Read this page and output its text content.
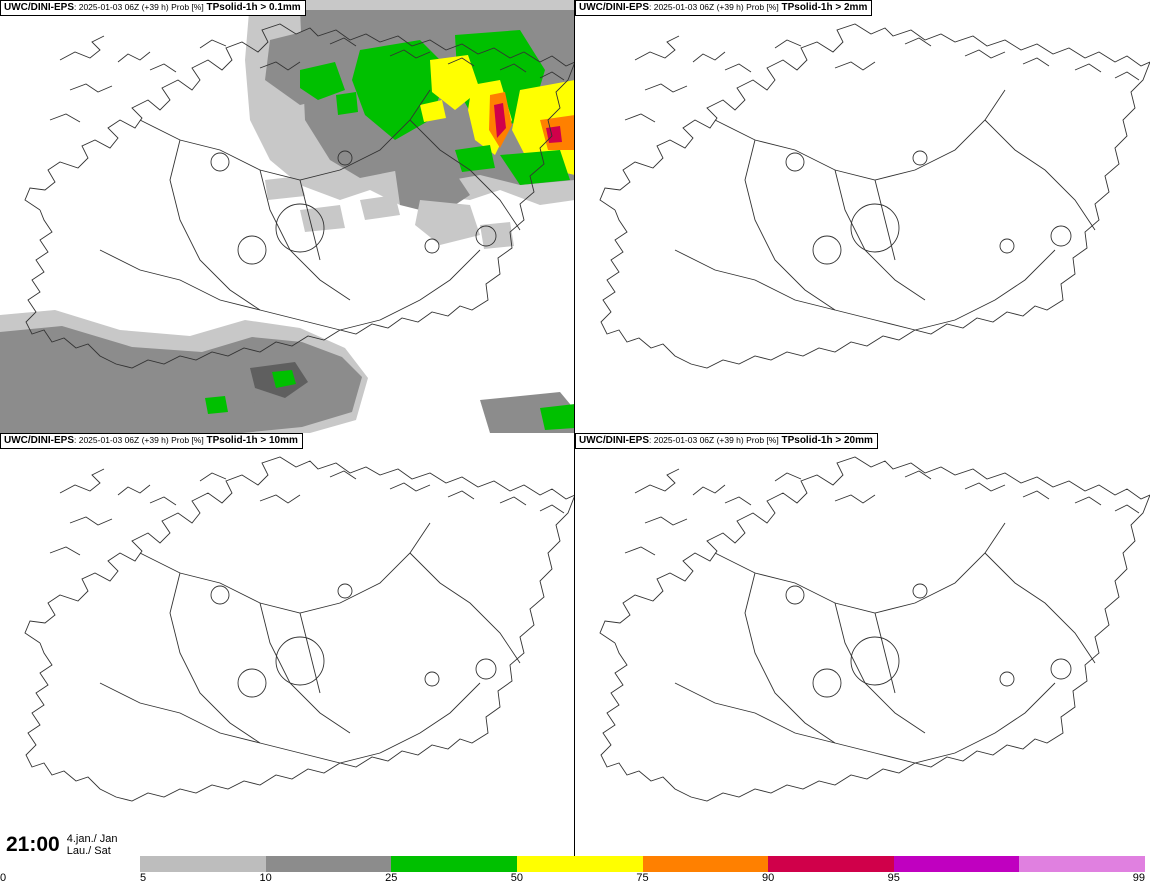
UWC/DINI-EPS: 2025-01-03 06Z (+39 h) Prob [%] TPsolid-1h > 0.1mm	UWC/DINI-EPS: 2025-01-03 06Z (+39 h) Prob [%] TPsolid-1h > 2mm
UWC/DINI-EPS: 2025-01-03 06Z (+39 h) Prob [%] TPsolid-1h > 10mm	UWC/DINI-EPS: 2025-01-03 06Z (+39 h) Prob [%] TPsolid-1h > 20mm
21:00 4.jan./ Jan
Lau./ Sat
0	5	10	25	50	75	90	95	99
